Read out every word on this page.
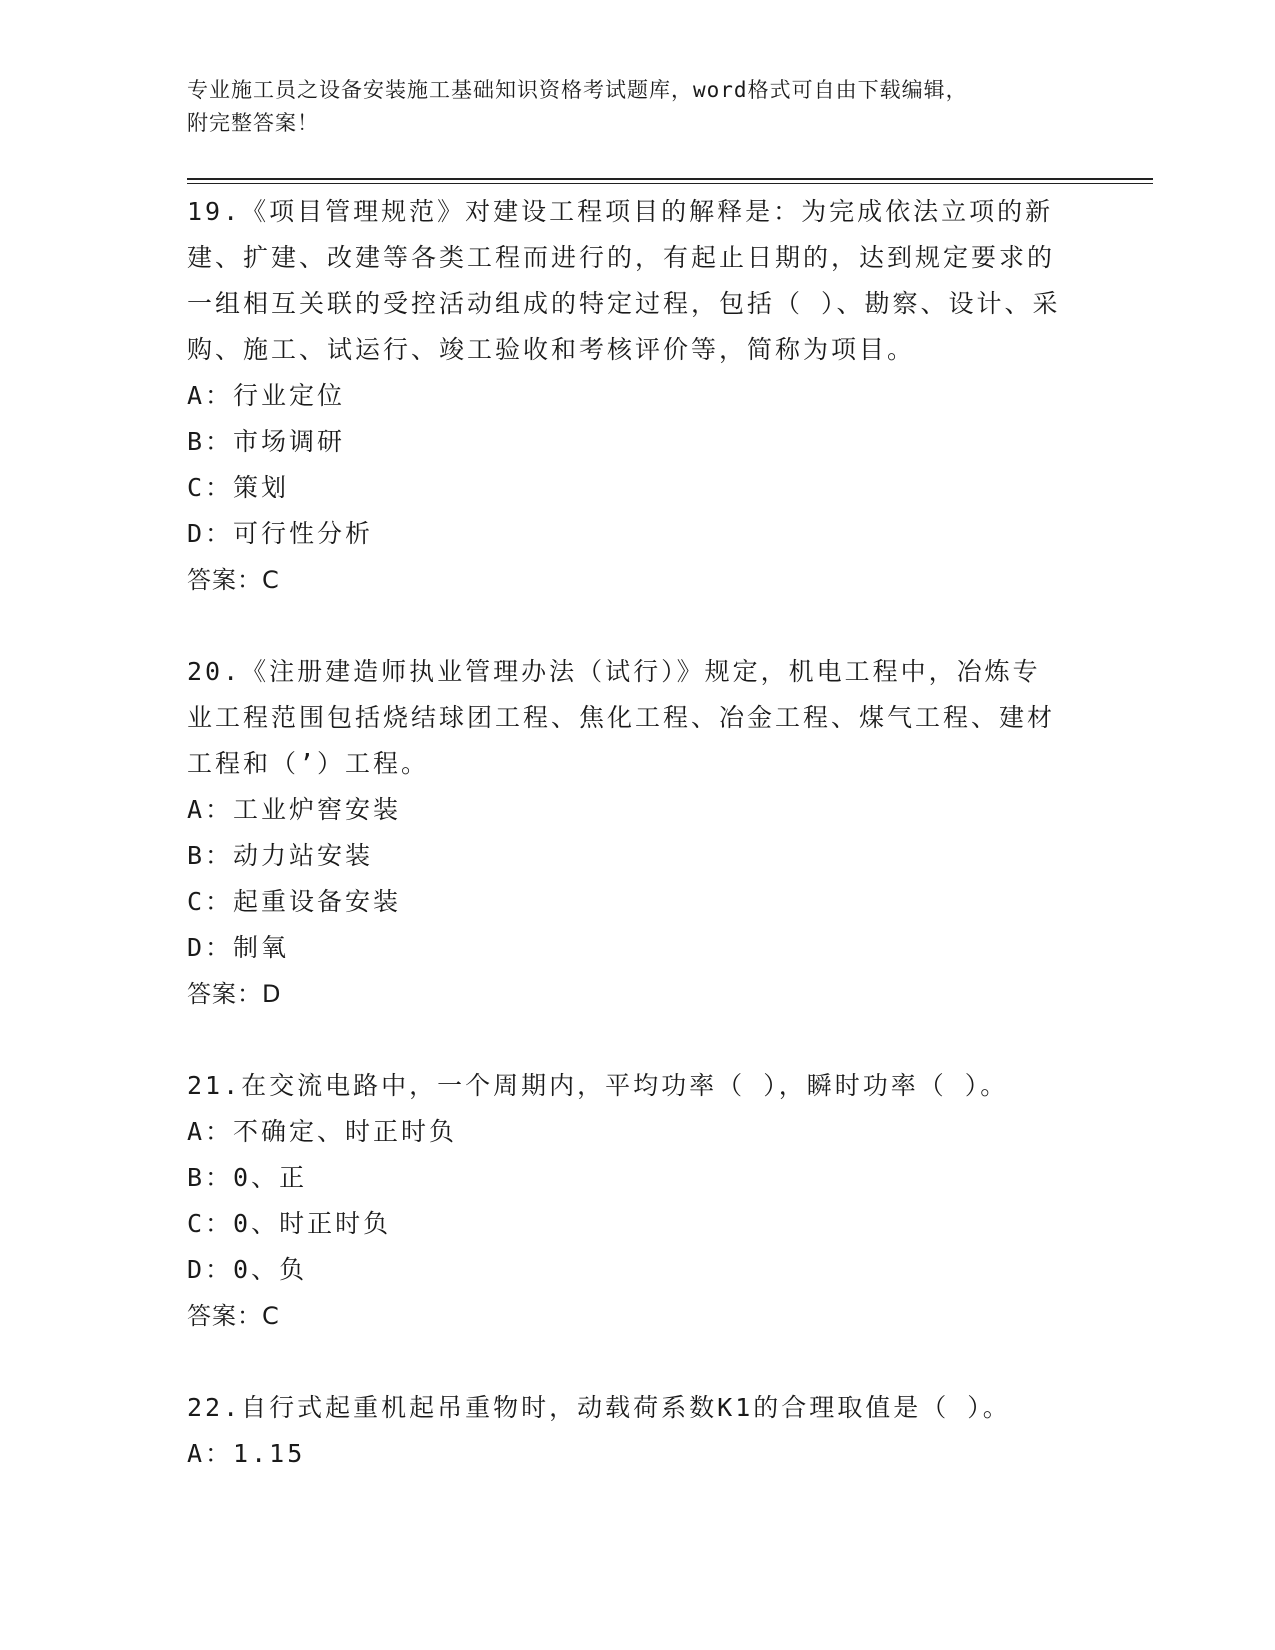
专业施工员之设备安装施工基础知识资格考试题库，word格式可自由下载编辑，
附完整答案！
19.《项目管理规范》对建设工程项目的解释是：为完成依法立项的新建、扩建、改建等各类工程而进行的，有起止日期的，达到规定要求的一组相互关联的受控活动组成的特定过程，包括（ ）、勘察、设计、采购、施工、试运行、竣工验收和考核评价等，简称为项目。
A：行业定位
B：市场调研
C：策划
D：可行性分析
答案：C
20.《注册建造师执业管理办法（试行）》规定，机电工程中，冶炼专业工程范围包括烧结球团工程、焦化工程、冶金工程、煤气工程、建材工程和（’）工程。
A：工业炉窖安装
B：动力站安装
C：起重设备安装
D：制氧
答案：D
21.在交流电路中，一个周期内，平均功率（ ），瞬时功率（ ）。
A：不确定、时正时负
B：0、正
C：0、时正时负
D：0、负
答案：C
22.自行式起重机起吊重物时，动载荷系数K1的合理取值是（ ）。
A：1.15
